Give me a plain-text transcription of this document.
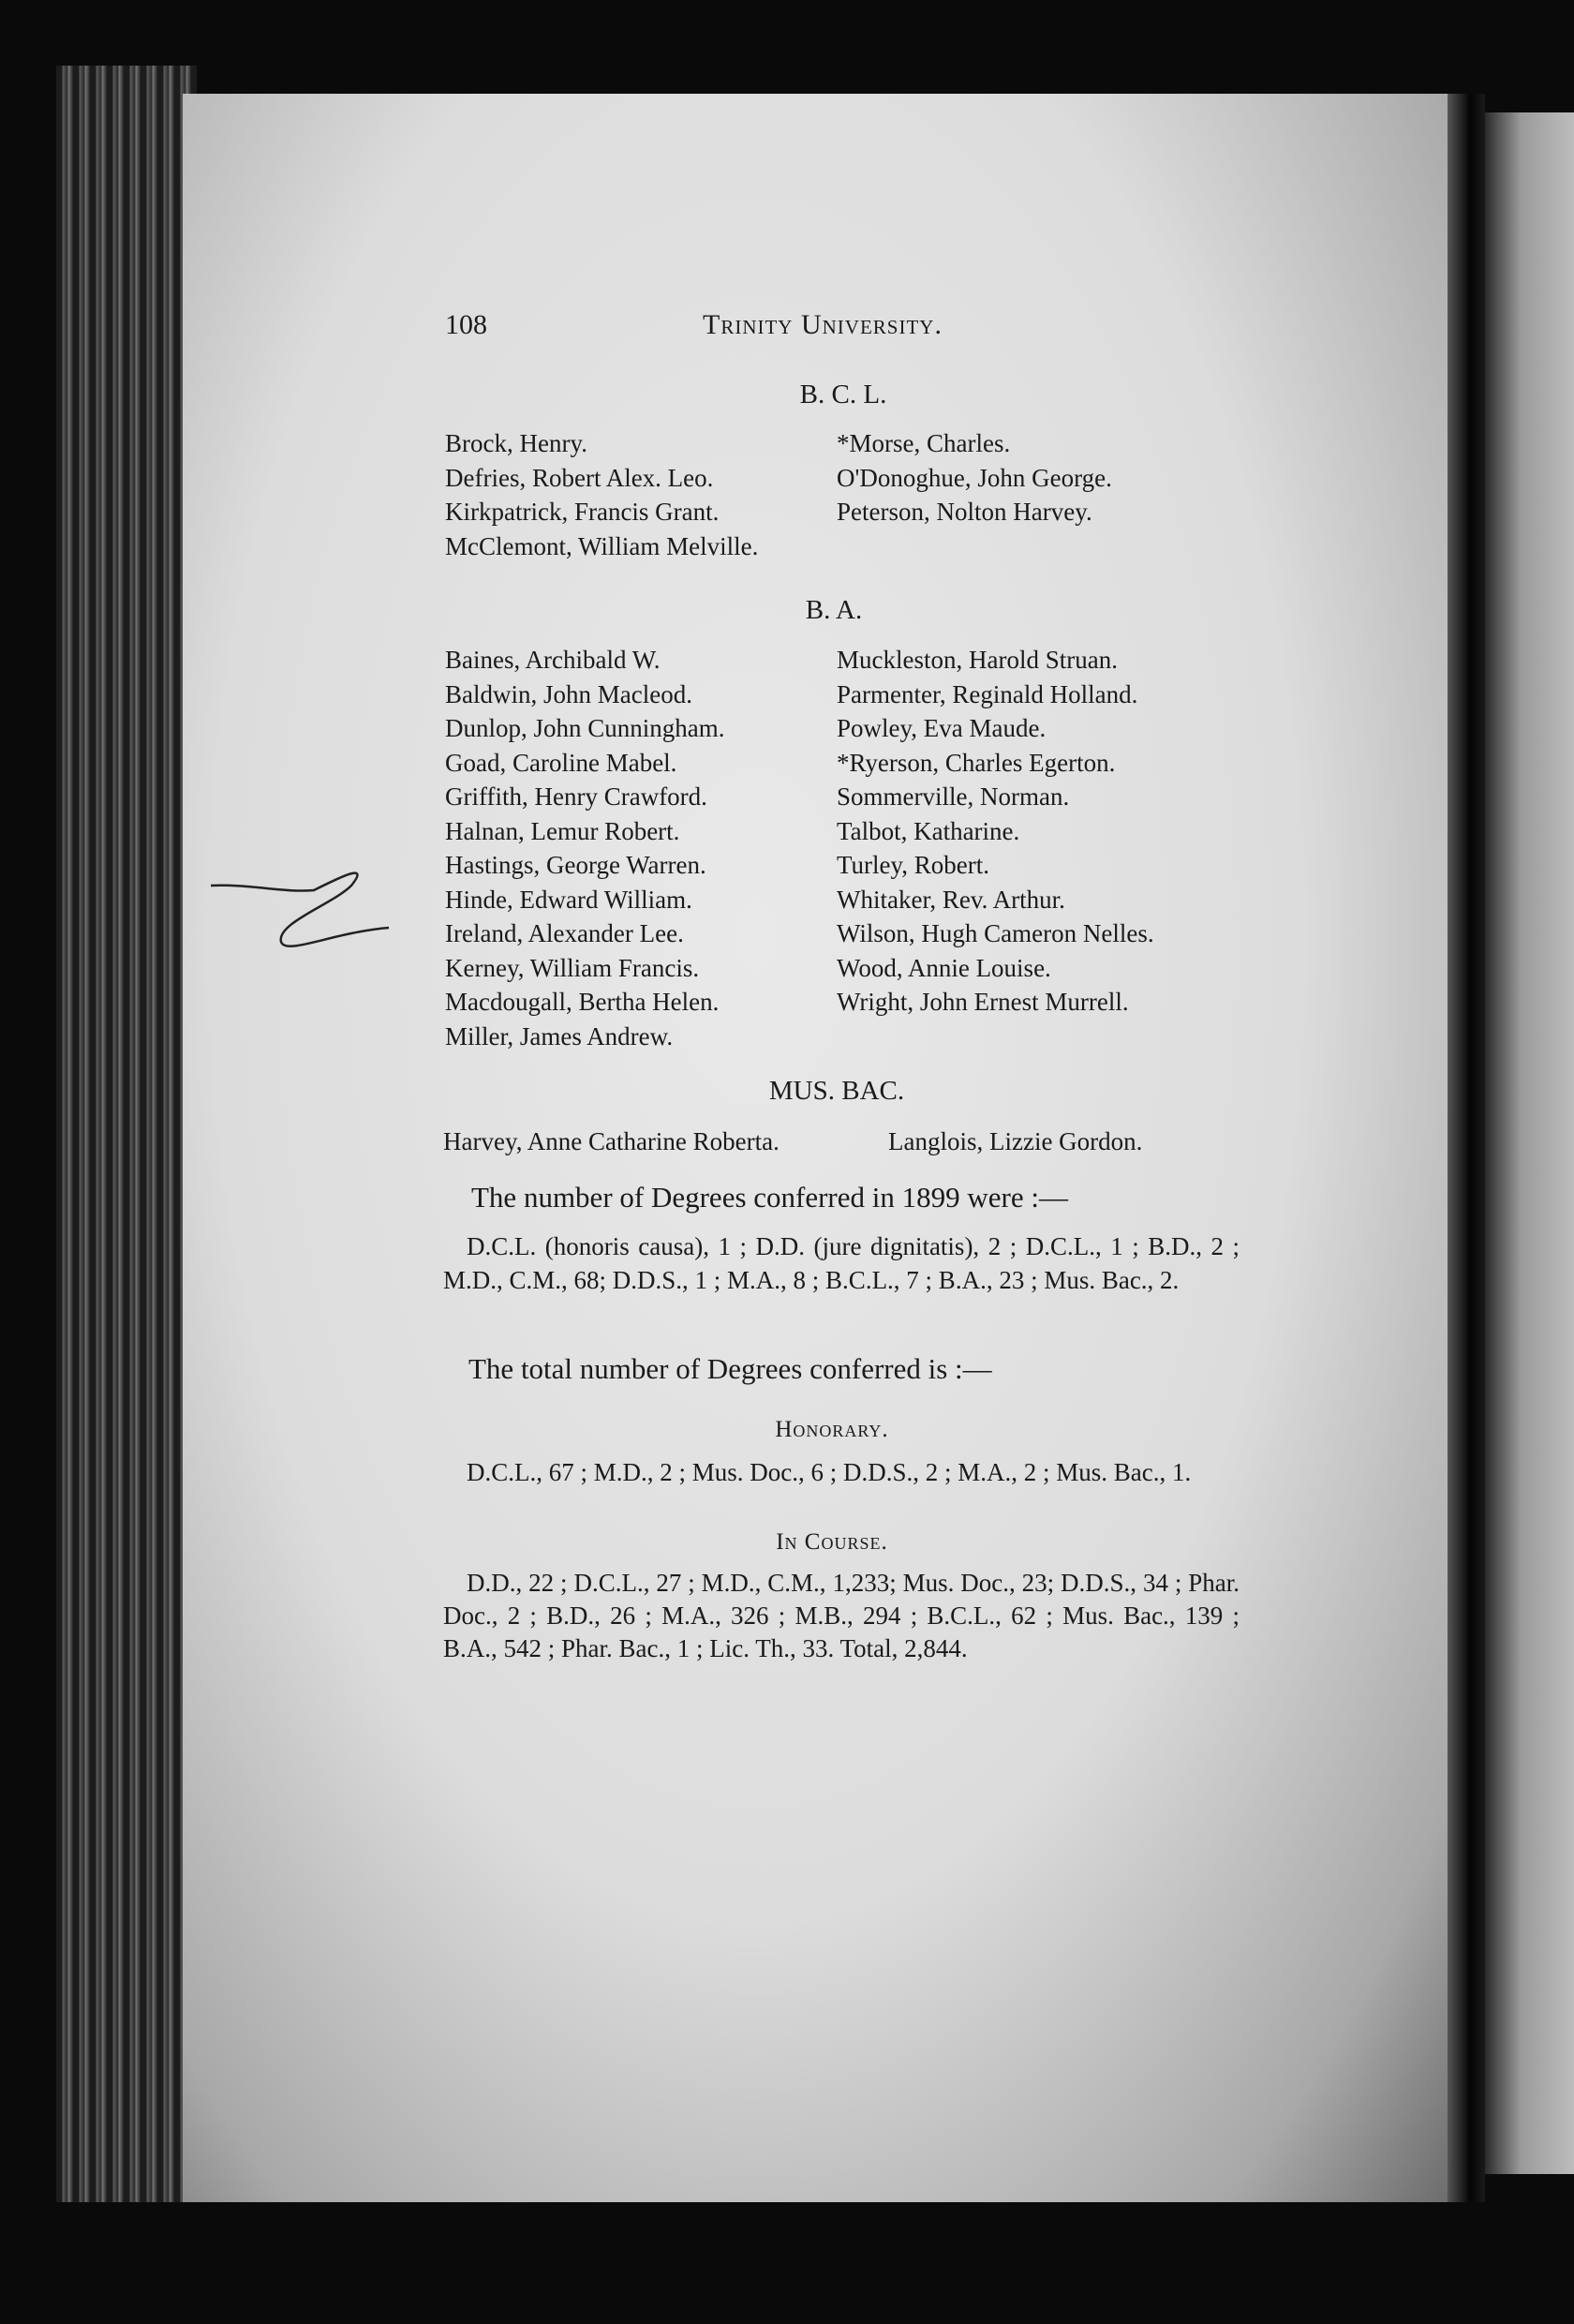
108	Trinity University.
B. C. L.
Brock, Henry.
Defries, Robert Alex. Leo.
Kirkpatrick, Francis Grant.
McClemont, William Melville.
*Morse, Charles.
O'Donoghue, John George.
Peterson, Nolton Harvey.
B. A.
Baines, Archibald W.
Baldwin, John Macleod.
Dunlop, John Cunningham.
Goad, Caroline Mabel.
Griffith, Henry Crawford.
Halnan, Lemur Robert.
Hastings, George Warren.
Hinde, Edward William.
Ireland, Alexander Lee.
Kerney, William Francis.
Macdougall, Bertha Helen.
Miller, James Andrew.
Muckleston, Harold Struan.
Parmenter, Reginald Holland.
Powley, Eva Maude.
*Ryerson, Charles Egerton.
Sommerville, Norman.
Talbot, Katharine.
Turley, Robert.
Whitaker, Rev. Arthur.
Wilson, Hugh Cameron Nelles.
Wood, Annie Louise.
Wright, John Ernest Murrell.
MUS. BAC.
Harvey, Anne Catharine Roberta.	Langlois, Lizzie Gordon.

The number of Degrees conferred in 1899 were :—

D.C.L. (honoris causa), 1 ; D.D. (jure dignitatis), 2 ; D.C.L., 1 ; B.D., 2 ; M.D., C.M., 68; D.D.S., 1 ; M.A., 8 ; B.C.L., 7 ; B.A., 23 ; Mus. Bac., 2.

The total number of Degrees conferred is :—

Honorary.

D.C.L., 67 ; M.D., 2 ; Mus. Doc., 6 ; D.D.S., 2 ; M.A., 2 ; Mus. Bac., 1.

In Course.

D.D., 22 ; D.C.L., 27 ; M.D., C.M., 1,233; Mus. Doc., 23; D.D.S., 34 ; Phar. Doc., 2 ; B.D., 26 ; M.A., 326 ; M.B., 294 ; B.C.L., 62 ; Mus. Bac., 139 ; B.A., 542 ; Phar. Bac., 1 ; Lic. Th., 33. Total, 2,844.
